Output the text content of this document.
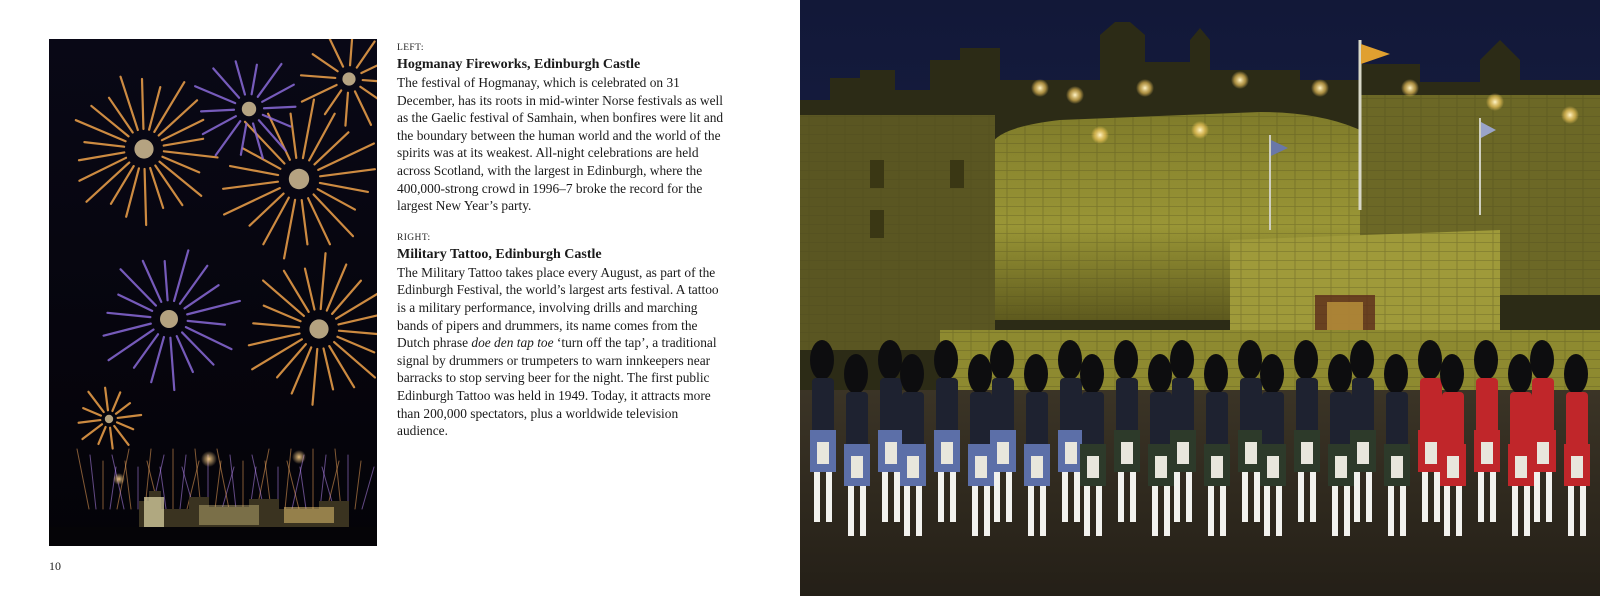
LEFT:
Hogmanay Fireworks, Edinburgh Castle

The festival of Hogmanay, which is celebrated on 31 December, has its roots in mid-winter Norse festivals as well as the Gaelic festival of Samhain, when bonfires were lit and the boundary between the human world and the world of the spirits was at its weakest. All-night celebrations are held across Scotland, with the largest in Edinburgh, where the 400,000-strong crowd in 1996–7 broke the record for the largest New Year’s party.

RIGHT:
Military Tattoo, Edinburgh Castle

The Military Tattoo takes place every August, as part of the Edinburgh Festival, the world’s largest arts festival. A tattoo is a military performance, involving drills and marching bands of pipers and drummers, its name comes from the Dutch phrase doe den tap toe ‘turn off the tap’, a traditional signal by drummers or trumpeters to warn innkeepers near barracks to stop serving beer for the night. The first public Edinburgh Tattoo was held in 1949. Today, it attracts more than 200,000 spectators, plus a worldwide television audience.

10
